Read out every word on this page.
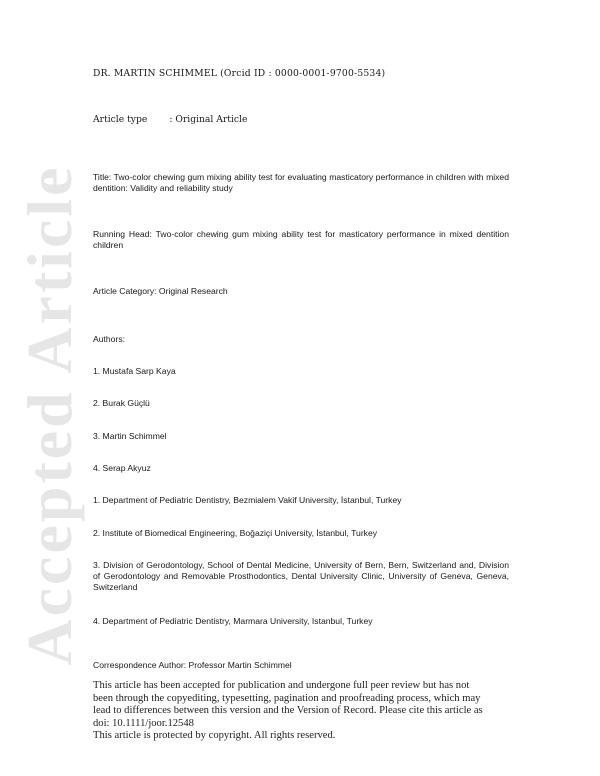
Accepted Article
DR. MARTIN SCHIMMEL (Orcid ID : 0000-0001-9700-5534)
Article type : Original Article
Title: Two-color chewing gum mixing ability test for evaluating masticatory performance in children with mixed dentition: Validity and reliability study
Running Head: Two-color chewing gum mixing ability test for masticatory performance in mixed dentition children
Article Category: Original Research
Authors:
1. Mustafa Sarp Kaya
2. Burak Güçlü
3. Martin Schimmel
4. Serap Akyuz
1. Department of Pediatric Dentistry, Bezmialem Vakif University, İstanbul, Turkey
2. Institute of Biomedical Engineering, Boğaziçi University, İstanbul, Turkey
3. Division of Gerodontology, School of Dental Medicine, University of Bern, Bern, Switzerland and, Division of Gerodontology and Removable Prosthodontics, Dental University Clinic, University of Geneva, Geneva, Switzerland
4. Department of Pediatric Dentistry, Marmara University, Istanbul, Turkey
Correspondence Author: Professor Martin Schimmel
This article has been accepted for publication and undergone full peer review but has not
been through the copyediting, typesetting, pagination and proofreading process, which may
lead to differences between this version and the Version of Record. Please cite this article as
doi: 10.1111/joor.12548
This article is protected by copyright. All rights reserved.
